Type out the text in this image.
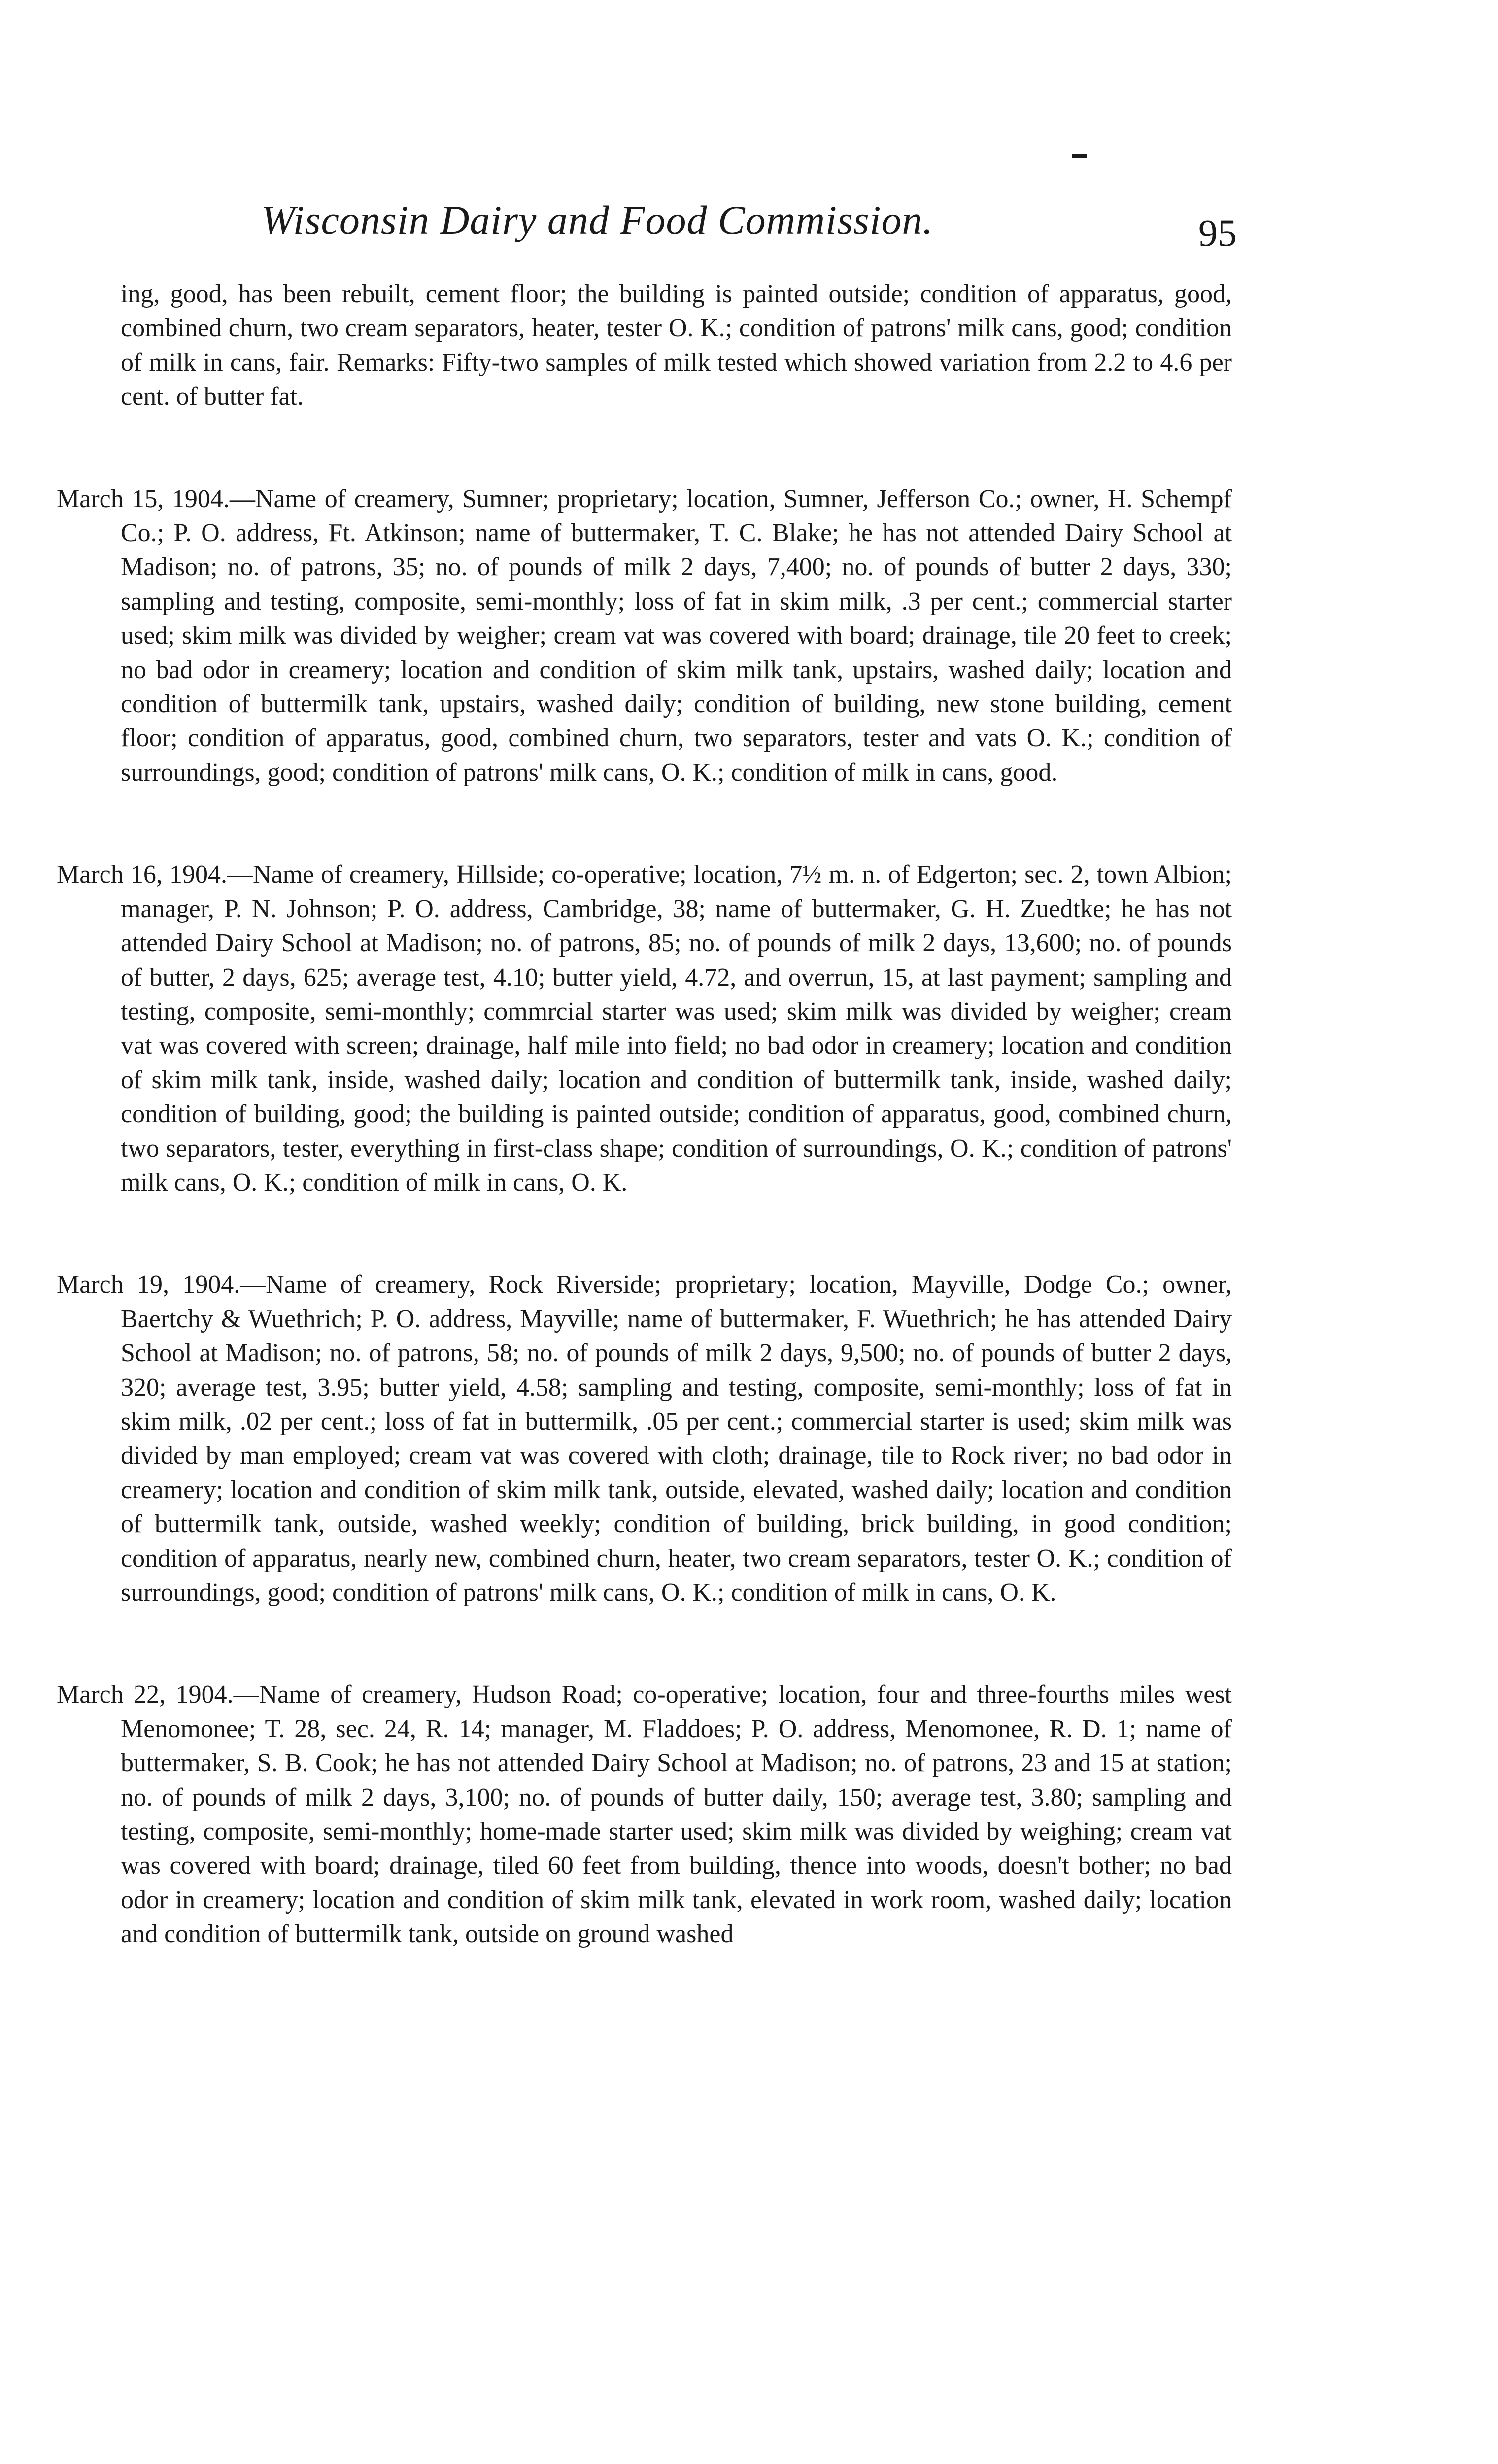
Wisconsin Dairy and Food Commission.	95

ing, good, has been rebuilt, cement floor; the building is painted outside; condition of apparatus, good, combined churn, two cream separators, heater, tester O. K.; condition of patrons' milk cans, good; condition of milk in cans, fair. Remarks: Fifty-two samples of milk tested which showed variation from 2.2 to 4.6 per cent. of butter fat.

March 15, 1904.—Name of creamery, Sumner; proprietary; location, Sumner, Jefferson Co.; owner, H. Schempf Co.; P. O. address, Ft. Atkinson; name of buttermaker, T. C. Blake; he has not attended Dairy School at Madison; no. of patrons, 35; no. of pounds of milk 2 days, 7,400; no. of pounds of butter 2 days, 330; sampling and testing, composite, semi-monthly; loss of fat in skim milk, .3 per cent.; commercial starter used; skim milk was divided by weigher; cream vat was covered with board; drainage, tile 20 feet to creek; no bad odor in creamery; location and condition of skim milk tank, upstairs, washed daily; location and condition of buttermilk tank, upstairs, washed daily; condition of building, new stone building, cement floor; condition of apparatus, good, combined churn, two separators, tester and vats O. K.; condition of surroundings, good; condition of patrons' milk cans, O. K.; condition of milk in cans, good.

March 16, 1904.—Name of creamery, Hillside; co-operative; location, 7½ m. n. of Edgerton; sec. 2, town Albion; manager, P. N. Johnson; P. O. address, Cambridge, 38; name of buttermaker, G. H. Zuedtke; he has not attended Dairy School at Madison; no. of patrons, 85; no. of pounds of milk 2 days, 13,600; no. of pounds of butter, 2 days, 625; average test, 4.10; butter yield, 4.72, and overrun, 15, at last payment; sampling and testing, composite, semi-monthly; commrcial starter was used; skim milk was divided by weigher; cream vat was covered with screen; drainage, half mile into field; no bad odor in creamery; location and condition of skim milk tank, inside, washed daily; location and condition of buttermilk tank, inside, washed daily; condition of building, good; the building is painted outside; condition of apparatus, good, combined churn, two separators, tester, everything in first-class shape; condition of surroundings, O. K.; condition of patrons' milk cans, O. K.; condition of milk in cans, O. K.

March 19, 1904.—Name of creamery, Rock Riverside; proprietary; location, Mayville, Dodge Co.; owner, Baertchy & Wuethrich; P. O. address, Mayville; name of buttermaker, F. Wuethrich; he has attended Dairy School at Madison; no. of patrons, 58; no. of pounds of milk 2 days, 9,500; no. of pounds of butter 2 days, 320; average test, 3.95; butter yield, 4.58; sampling and testing, composite, semi-monthly; loss of fat in skim milk, .02 per cent.; loss of fat in buttermilk, .05 per cent.; commercial starter is used; skim milk was divided by man employed; cream vat was covered with cloth; drainage, tile to Rock river; no bad odor in creamery; location and condition of skim milk tank, outside, elevated, washed daily; location and condition of buttermilk tank, outside, washed weekly; condition of building, brick building, in good condition; condition of apparatus, nearly new, combined churn, heater, two cream separators, tester O. K.; condition of surroundings, good; condition of patrons' milk cans, O. K.; condition of milk in cans, O. K.

March 22, 1904.—Name of creamery, Hudson Road; co-operative; location, four and three-fourths miles west Menomonee; T. 28, sec. 24, R. 14; manager, M. Fladdoes; P. O. address, Menomonee, R. D. 1; name of buttermaker, S. B. Cook; he has not attended Dairy School at Madison; no. of patrons, 23 and 15 at station; no. of pounds of milk 2 days, 3,100; no. of pounds of butter daily, 150; average test, 3.80; sampling and testing, composite, semi-monthly; home-made starter used; skim milk was divided by weighing; cream vat was covered with board; drainage, tiled 60 feet from building, thence into woods, doesn't bother; no bad odor in creamery; location and condition of skim milk tank, elevated in work room, washed daily; location and condition of buttermilk tank, outside on ground washed
